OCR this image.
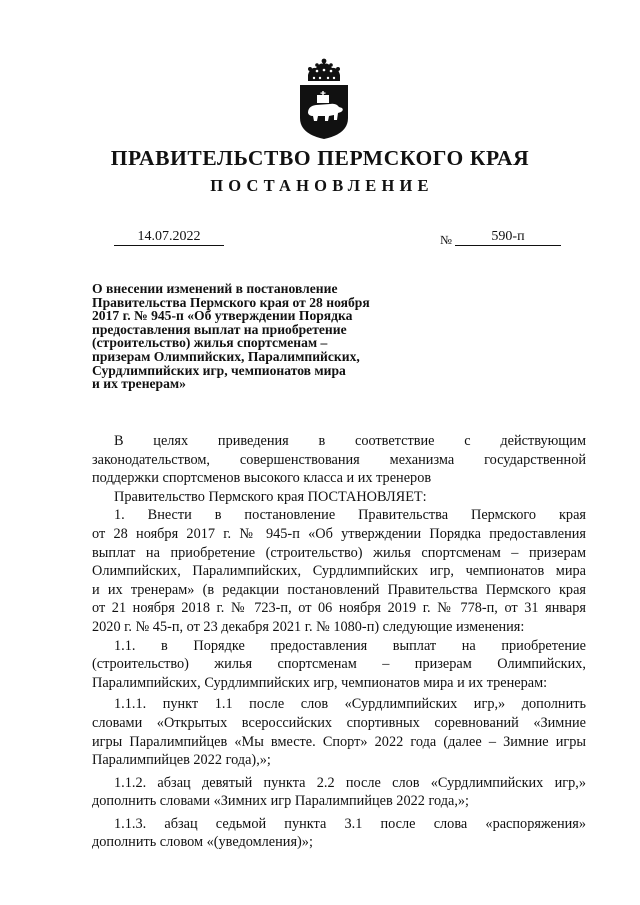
ПРАВИТЕЛЬСТВО ПЕРМСКОГО КРАЯ
ПОСТАНОВЛЕНИЕ
14.07.2022	№	590-п
О внесении изменений в постановление
Правительства Пермского края от 28 ноября
2017 г. № 945-п «Об утверждении Порядка
предоставления выплат на приобретение
(строительство) жилья спортсменам –
призерам Олимпийских, Паралимпийских,
Сурдлимпийских игр, чемпионатов мира
и их тренерам»
В целях приведения в соответствие с действующим
законодательством, совершенствования механизма государственной
поддержки спортсменов высокого класса и их тренеров
Правительство Пермского края ПОСТАНОВЛЯЕТ:
1. Внести в постановление Правительства Пермского края
от 28 ноября 2017 г. № 945-п «Об утверждении Порядка предоставления
выплат на приобретение (строительство) жилья спортсменам – призерам
Олимпийских, Паралимпийских, Сурдлимпийских игр, чемпионатов мира
и их тренерам» (в редакции постановлений Правительства Пермского края
от 21 ноября 2018 г. № 723-п, от 06 ноября 2019 г. № 778-п, от 31 января
2020 г. № 45-п, от 23 декабря 2021 г. № 1080-п) следующие изменения:
1.1. в Порядке предоставления выплат на приобретение
(строительство) жилья спортсменам – призерам Олимпийских,
Паралимпийских, Сурдлимпийских игр, чемпионатов мира и их тренерам:
1.1.1. пункт 1.1 после слов «Сурдлимпийских игр,» дополнить
словами «Открытых всероссийских спортивных соревнований «Зимние
игры Паралимпийцев «Мы вместе. Спорт» 2022 года (далее – Зимние игры
Паралимпийцев 2022 года),»;
1.1.2. абзац девятый пункта 2.2 после слов «Сурдлимпийских игр,»
дополнить словами «Зимних игр Паралимпийцев 2022 года,»;
1.1.3. абзац седьмой пункта 3.1 после слова «распоряжения»
дополнить словом «(уведомления)»;
